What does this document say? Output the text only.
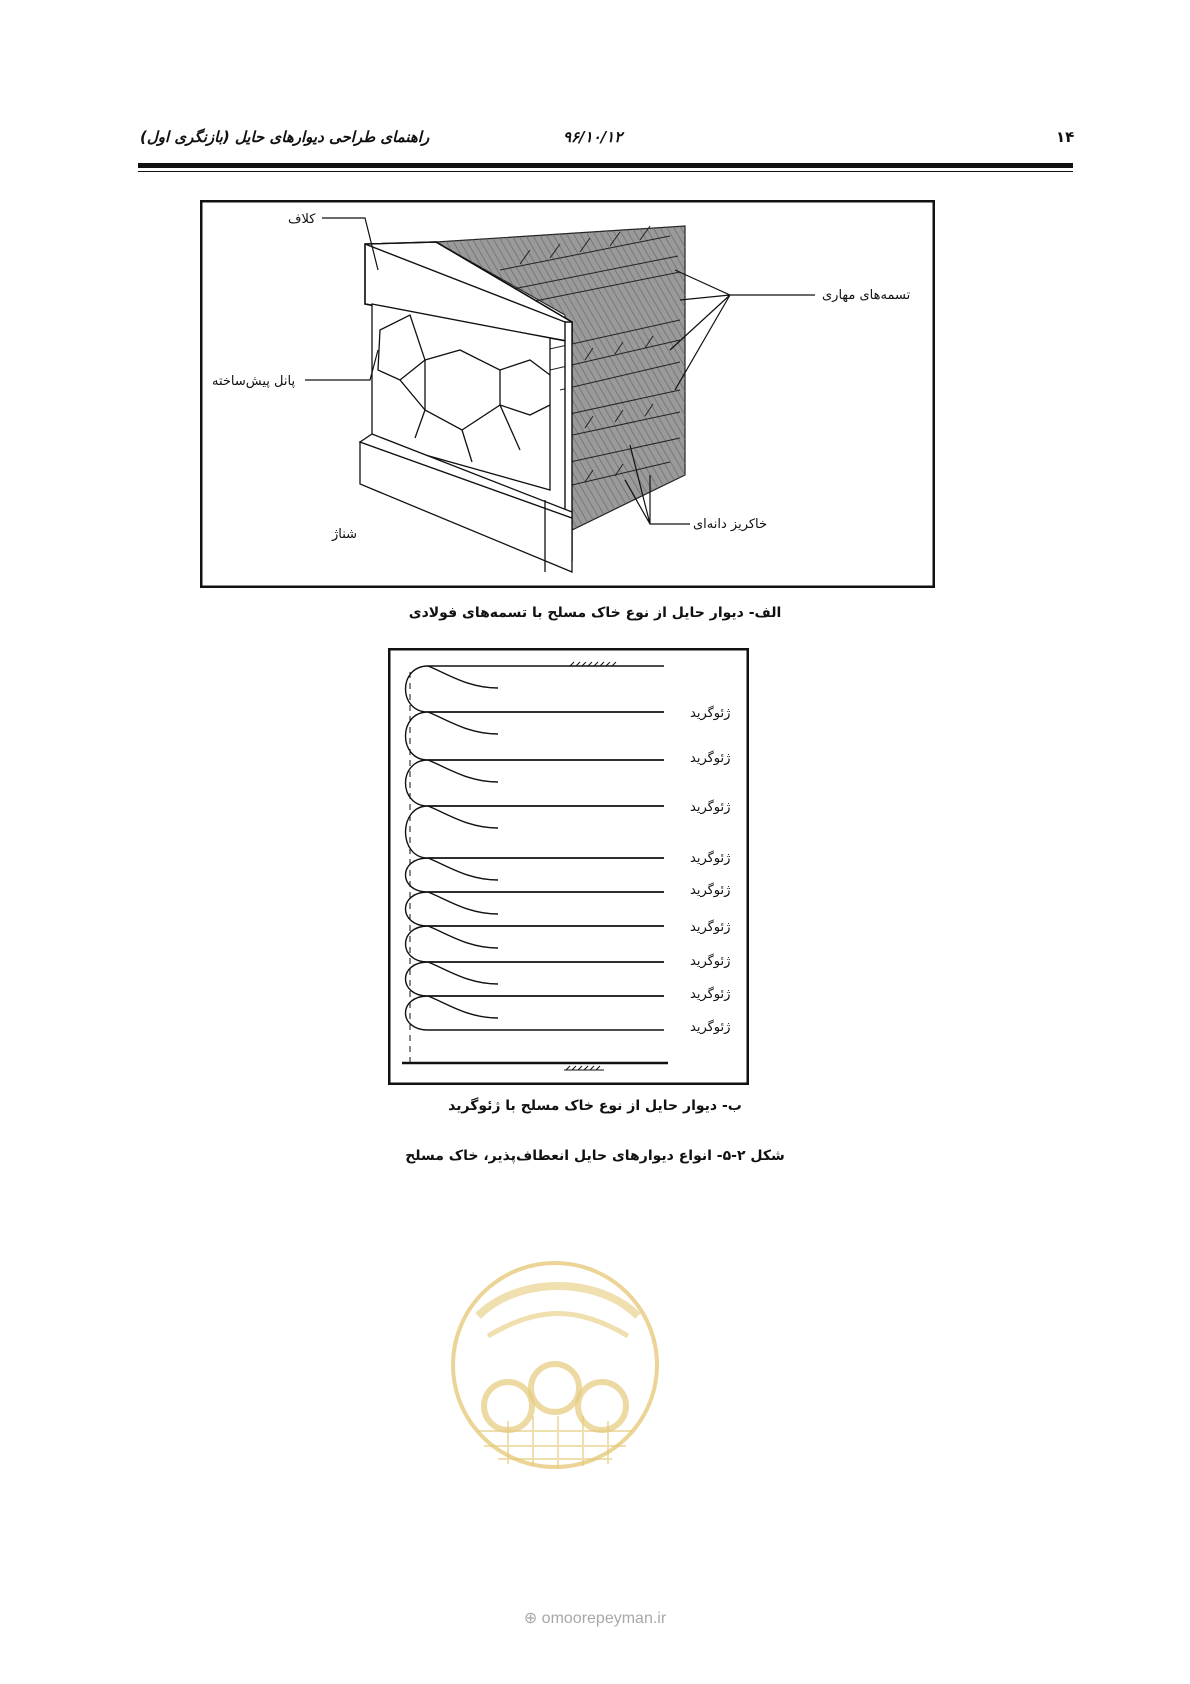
۱۴
۹۶/۱۰/۱۲
راهنمای طراحی دیوارهای حایل (بازنگری اول)
کلاف
تسمه‌های مهاری
پانل پیش‌ساخته
خاکریز دانه‌ای
شناژ
الف- دیوار حایل از نوع خاک مسلح با تسمه‌های فولادی
ژئوگرید
ژئوگرید
ژئوگرید
ژئوگرید
ژئوگرید
ژئوگرید
ژئوگرید
ژئوگرید
ژئوگرید
ب- دیوار حایل از نوع خاک مسلح با ژئوگرید
شکل ۲-۵- انواع دیوارهای حایل انعطاف‌پذیر، خاک مسلح
⊕ omoorepeyman.ir
